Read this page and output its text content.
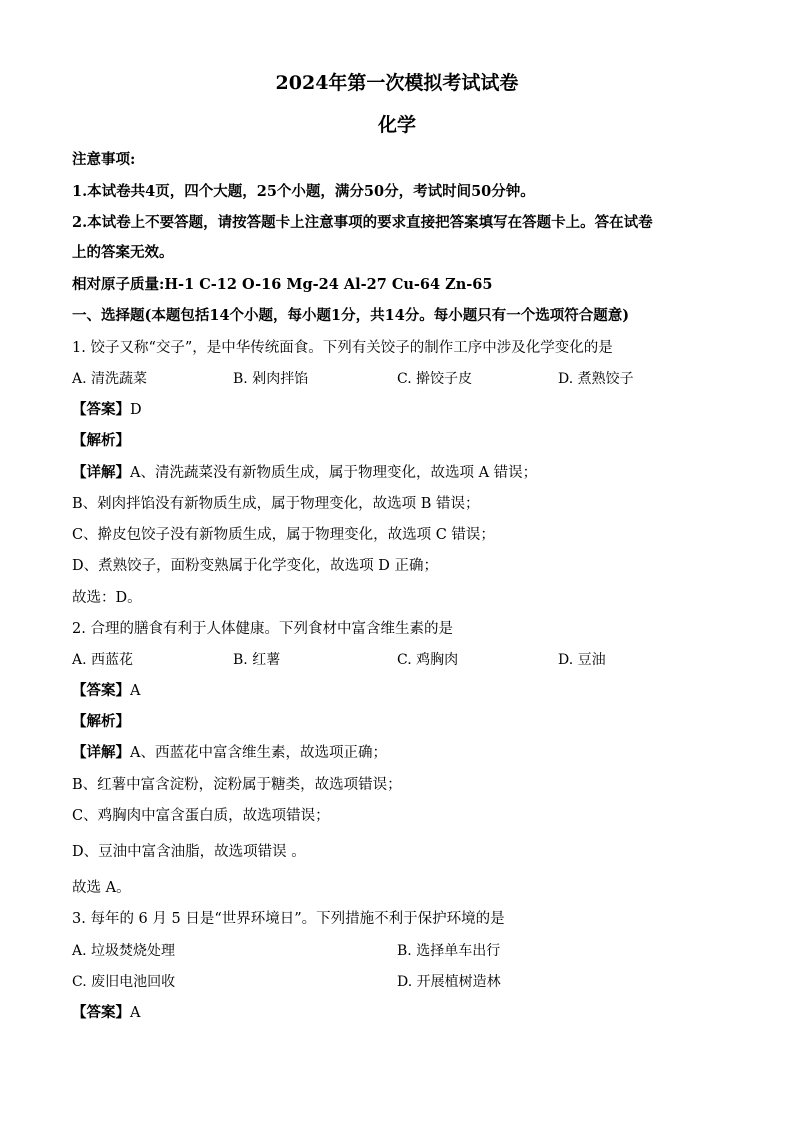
2024年第一次模拟考试试卷
化学
注意事项:
1.本试卷共4页，四个大题，25个小题，满分50分，考试时间50分钟。
2.本试卷上不要答题，请按答题卡上注意事项的要求直接把答案填写在答题卡上。答在试卷
上的答案无效。
相对原子质量:H-1 C-12 O-16 Mg-24 Al-27 Cu-64 Zn-65
一、选择题(本题包括14个小题，每小题1分，共14分。每小题只有一个选项符合题意)
1. 饺子又称“交子”，是中华传统面食。下列有关饺子的制作工序中涉及化学变化的是
A. 清洗蔬菜	B. 剁肉拌馅	C. 擀饺子皮	D. 煮熟饺子
【答案】D
【解析】
【详解】A、清洗蔬菜没有新物质生成，属于物理变化，故选项 A 错误；
B、剁肉拌馅没有新物质生成，属于物理变化，故选项 B 错误；
C、擀皮包饺子没有新物质生成，属于物理变化，故选项 C 错误；
D、煮熟饺子，面粉变熟属于化学变化，故选项 D 正确；
故选：D。
2. 合理的膳食有利于人体健康。下列食材中富含维生素的是
A. 西蓝花	B. 红薯	C. 鸡胸肉	D. 豆油
【答案】A
【解析】
【详解】A、西蓝花中富含维生素，故选项正确；
B、红薯中富含淀粉，淀粉属于糖类，故选项错误；
C、鸡胸肉中富含蛋白质，故选项错误；
D、豆油中富含油脂，故选项错误 。
故选 A。
3. 每年的 6 月 5 日是“世界环境日”。下列措施不利于保护环境的是
A. 垃圾焚烧处理	B. 选择单车出行
C. 废旧电池回收	D. 开展植树造林
【答案】A
